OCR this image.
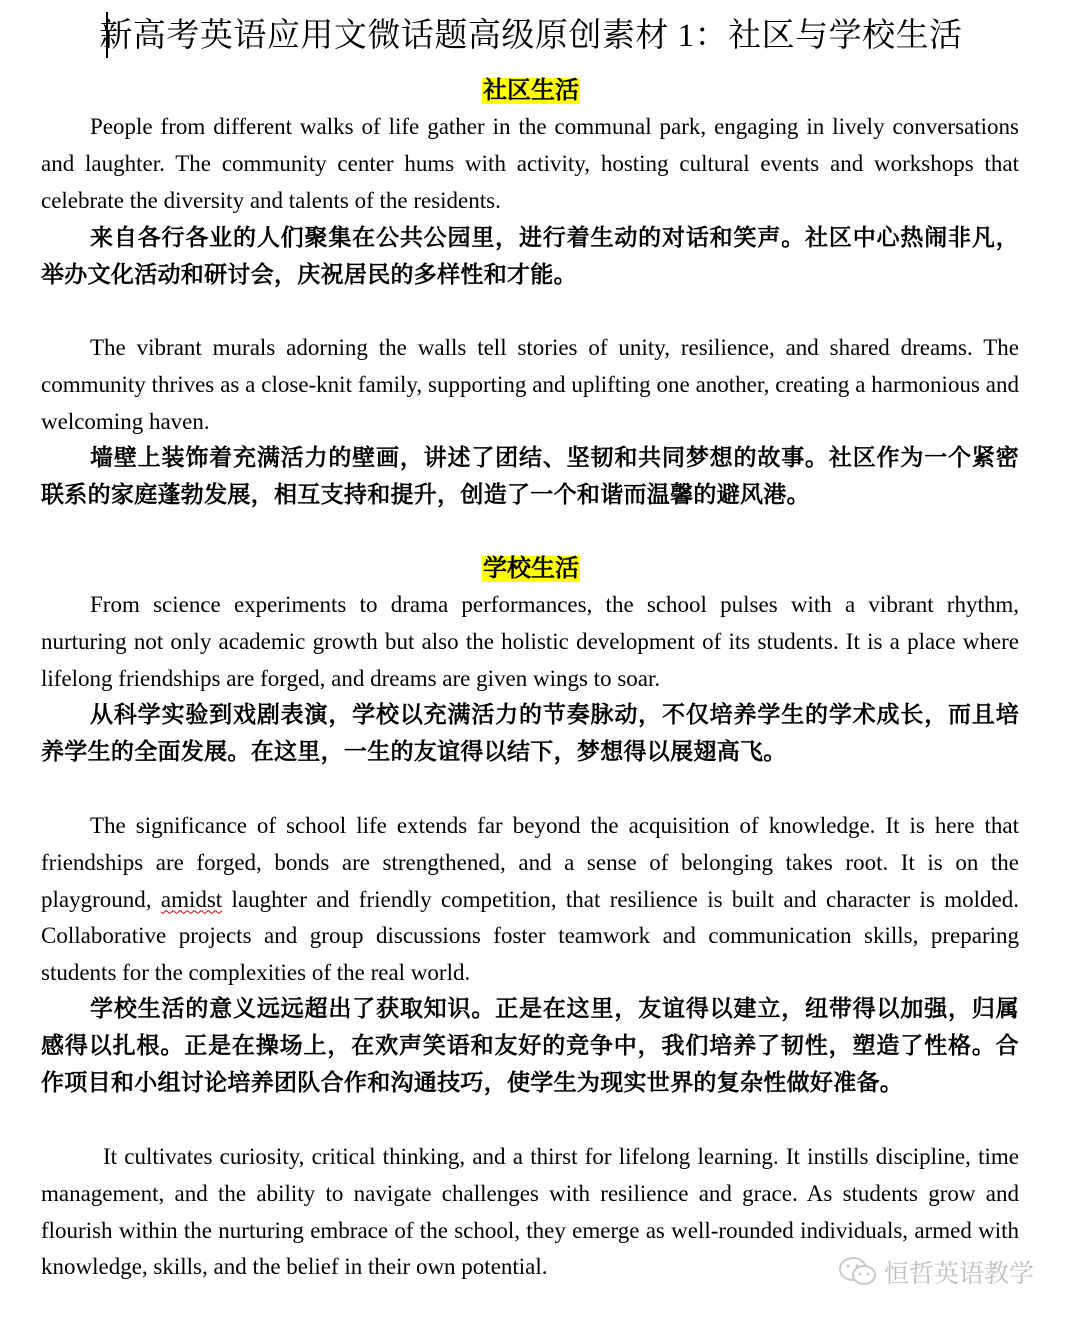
新高考英语应用文微话题高级原创素材 1：社区与学校生活
社区生活

People from different walks of life gather in the communal park, engaging in lively conversations and laughter. The community center hums with activity, hosting cultural events and workshops that celebrate the diversity and talents of the residents.

来自各行各业的人们聚集在公共公园里，进行着生动的对话和笑声。社区中心热闹非凡，举办文化活动和研讨会，庆祝居民的多样性和才能。

The vibrant murals adorning the walls tell stories of unity, resilience, and shared dreams. The community thrives as a close-knit family, supporting and uplifting one another, creating a harmonious and welcoming haven.

墙壁上装饰着充满活力的壁画，讲述了团结、坚韧和共同梦想的故事。社区作为一个紧密联系的家庭蓬勃发展，相互支持和提升，创造了一个和谐而温馨的避风港。

学校生活

From science experiments to drama performances, the school pulses with a vibrant rhythm, nurturing not only academic growth but also the holistic development of its students. It is a place where lifelong friendships are forged, and dreams are given wings to soar.

从科学实验到戏剧表演，学校以充满活力的节奏脉动，不仅培养学生的学术成长，而且培养学生的全面发展。在这里，一生的友谊得以结下，梦想得以展翅高飞。

The significance of school life extends far beyond the acquisition of knowledge. It is here that friendships are forged, bonds are strengthened, and a sense of belonging takes root. It is on the playground, amidst laughter and friendly competition, that resilience is built and character is molded. Collaborative projects and group discussions foster teamwork and communication skills, preparing students for the complexities of the real world.

学校生活的意义远远超出了获取知识。正是在这里，友谊得以建立，纽带得以加强，归属感得以扎根。正是在操场上，在欢声笑语和友好的竞争中，我们培养了韧性，塑造了性格。合作项目和小组讨论培养团队合作和沟通技巧，使学生为现实世界的复杂性做好准备。

It cultivates curiosity, critical thinking, and a thirst for lifelong learning. It instills discipline, time management, and the ability to navigate challenges with resilience and grace. As students grow and flourish within the nurturing embrace of the school, they emerge as well-rounded individuals, armed with knowledge, skills, and the belief in their own potential.	恒哲英语教学
